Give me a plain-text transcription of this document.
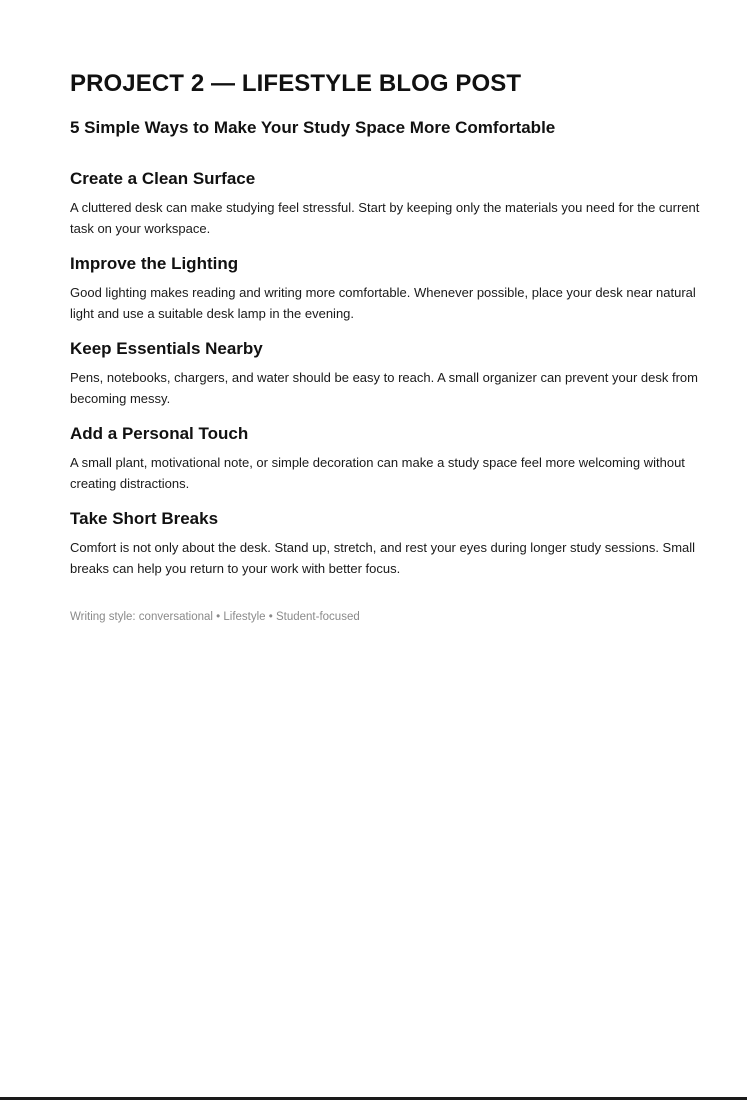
PROJECT 2 — LIFESTYLE BLOG POST
5 Simple Ways to Make Your Study Space More Comfortable
Create a Clean Surface

A cluttered desk can make studying feel stressful. Start by keeping only the materials you need for the current task on your workspace.

Improve the Lighting

Good lighting makes reading and writing more comfortable. Whenever possible, place your desk near natural light and use a suitable desk lamp in the evening.

Keep Essentials Nearby

Pens, notebooks, chargers, and water should be easy to reach. A small organizer can prevent your desk from becoming messy.

Add a Personal Touch

A small plant, motivational note, or simple decoration can make a study space feel more welcoming without creating distractions.

Take Short Breaks

Comfort is not only about the desk. Stand up, stretch, and rest your eyes during longer study sessions. Small breaks can help you return to your work with better focus.

Writing style: conversational • Lifestyle • Student-focused
